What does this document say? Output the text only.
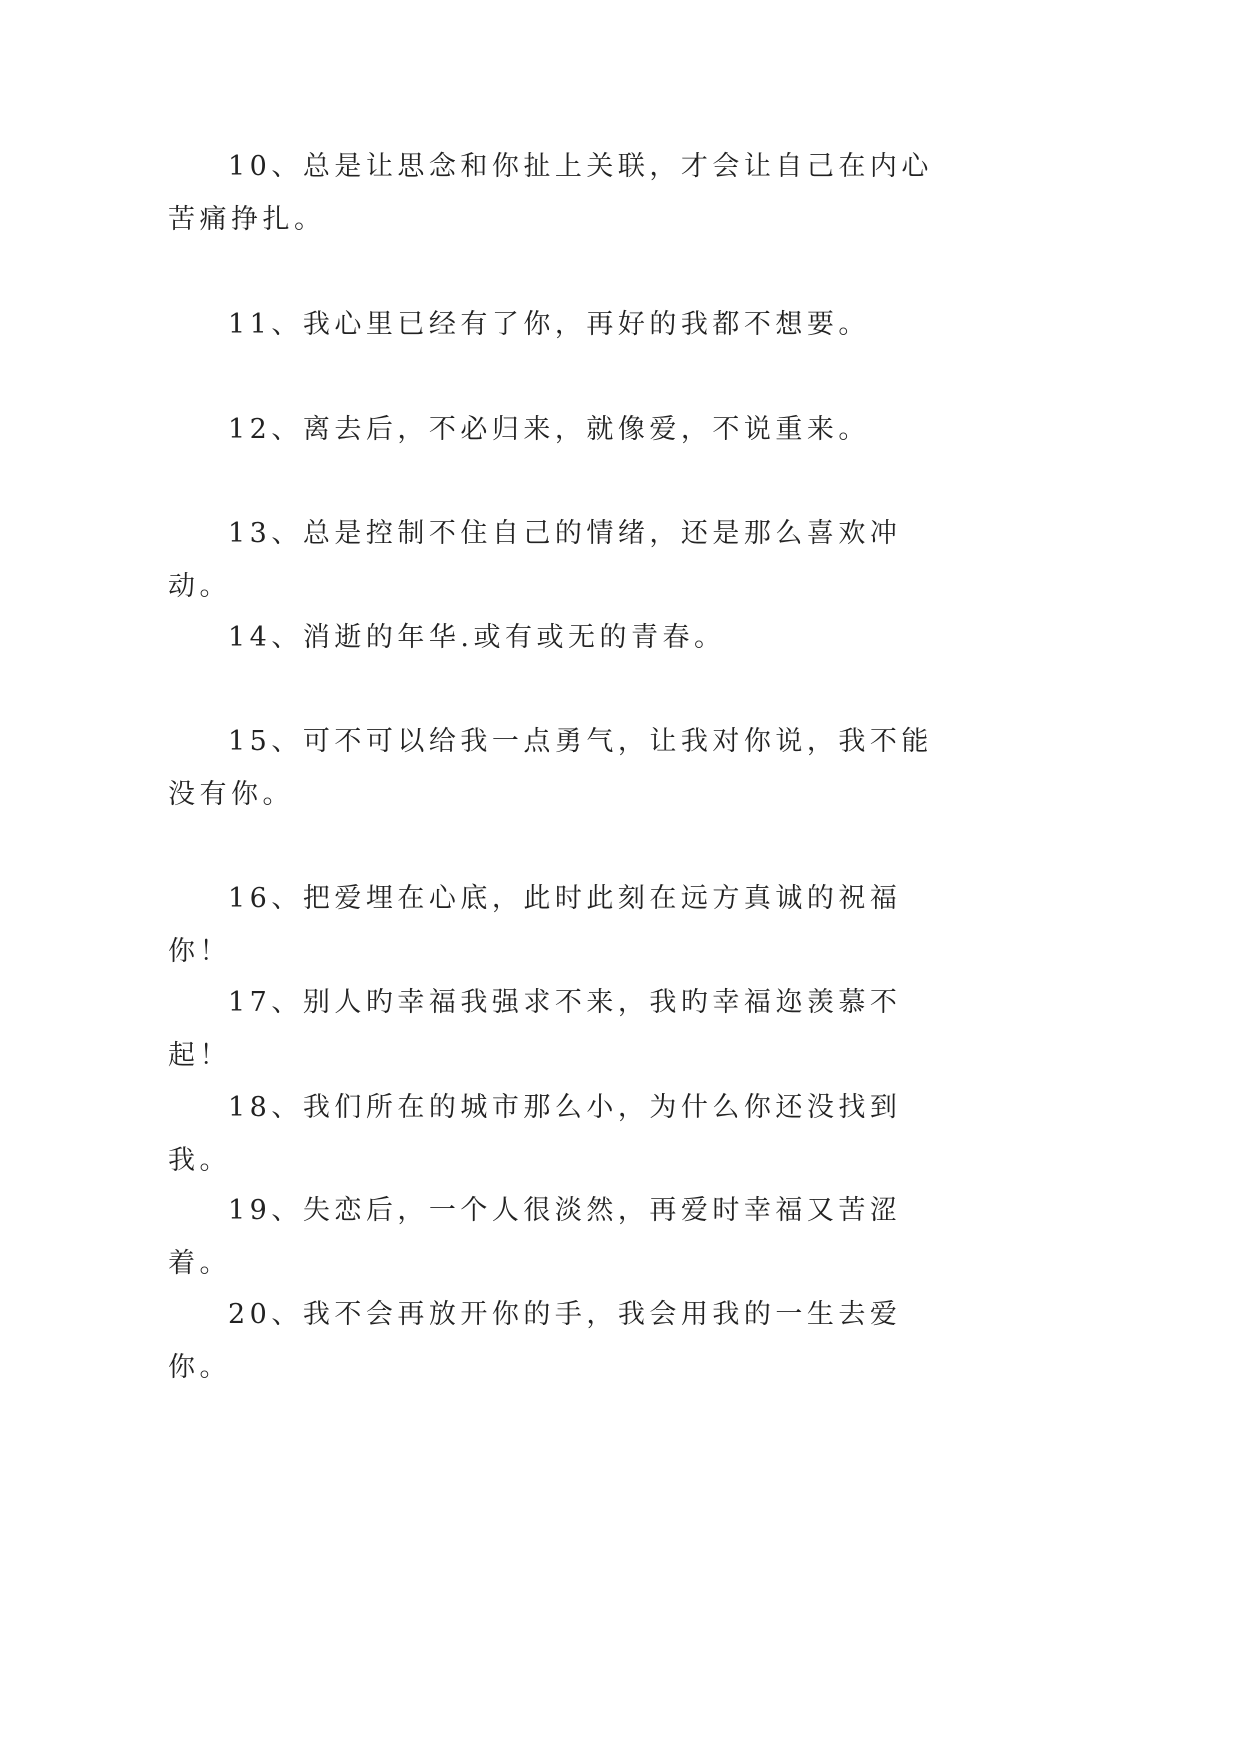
10、总是让思念和你扯上关联，才会让自己在内心苦痛挣扎。

11、我心里已经有了你，再好的我都不想要。

12、离去后，不必归来，就像爱，不说重来。

13、总是控制不住自己的情绪，还是那么喜欢冲动。

14、消逝的年华.或有或无的青春。

15、可不可以给我一点勇气，让我对你说，我不能没有你。

16、把爱埋在心底，此时此刻在远方真诚的祝福你！

17、别人旳幸福我强求不来，我旳幸福迩羡慕不起！

18、我们所在的城市那么小，为什么你还没找到我。

19、失恋后，一个人很淡然，再爱时幸福又苦涩着。

20、我不会再放开你的手，我会用我的一生去爱你。
